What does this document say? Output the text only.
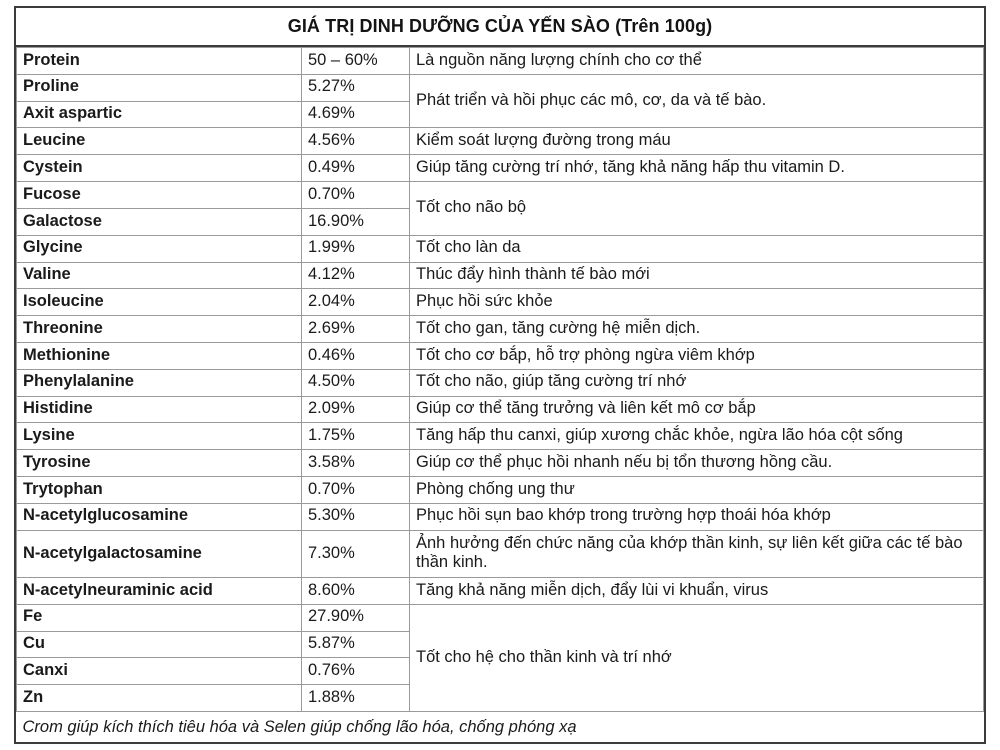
GIÁ TRỊ DINH DƯỠNG CỦA YẾN SÀO (Trên 100g)
Protein	50 – 60%	Là nguồn năng lượng chính cho cơ thể
Proline	5.27%	Phát triển và hồi phục các mô, cơ, da và tế bào.
Axit aspartic	4.69%	
Leucine	4.56%	Kiểm soát lượng đường trong máu
Cystein	0.49%	Giúp tăng cường trí nhớ, tăng khả năng hấp thu vitamin D.
Fucose	0.70%	Tốt cho não bộ
Galactose	16.90%	
Glycine	1.99%	Tốt cho làn da
Valine	4.12%	Thúc đẩy hình thành tế bào mới
Isoleucine	2.04%	Phục hồi sức khỏe
Threonine	2.69%	Tốt cho gan, tăng cường hệ miễn dịch.
Methionine	0.46%	Tốt cho cơ bắp, hỗ trợ phòng ngừa viêm khớp
Phenylalanine	4.50%	Tốt cho não, giúp tăng cường trí nhớ
Histidine	2.09%	Giúp cơ thể tăng trưởng và liên kết mô cơ bắp
Lysine	1.75%	Tăng hấp thu canxi, giúp xương chắc khỏe, ngừa lão hóa cột sống
Tyrosine	3.58%	Giúp cơ thể phục hồi nhanh nếu bị tổn thương hồng cầu.
Trytophan	0.70%	Phòng chống ung thư
N-acetylglucosamine	5.30%	Phục hồi sụn bao khớp trong trường hợp thoái hóa khớp
N-acetylgalactosamine	7.30%	Ảnh hưởng đến chức năng của khớp thần kinh, sự liên kết giữa các tế bào thần kinh.
N-acetylneuraminic acid	8.60%	Tăng khả năng miễn dịch, đẩy lùi vi khuẩn, virus
Fe	27.90%	Tốt cho hệ cho thần kinh và trí nhớ
Cu	5.87%	
Canxi	0.76%	
Zn	1.88%	
Crom giúp kích thích tiêu hóa và Selen giúp chống lão hóa, chống phóng xạ		
